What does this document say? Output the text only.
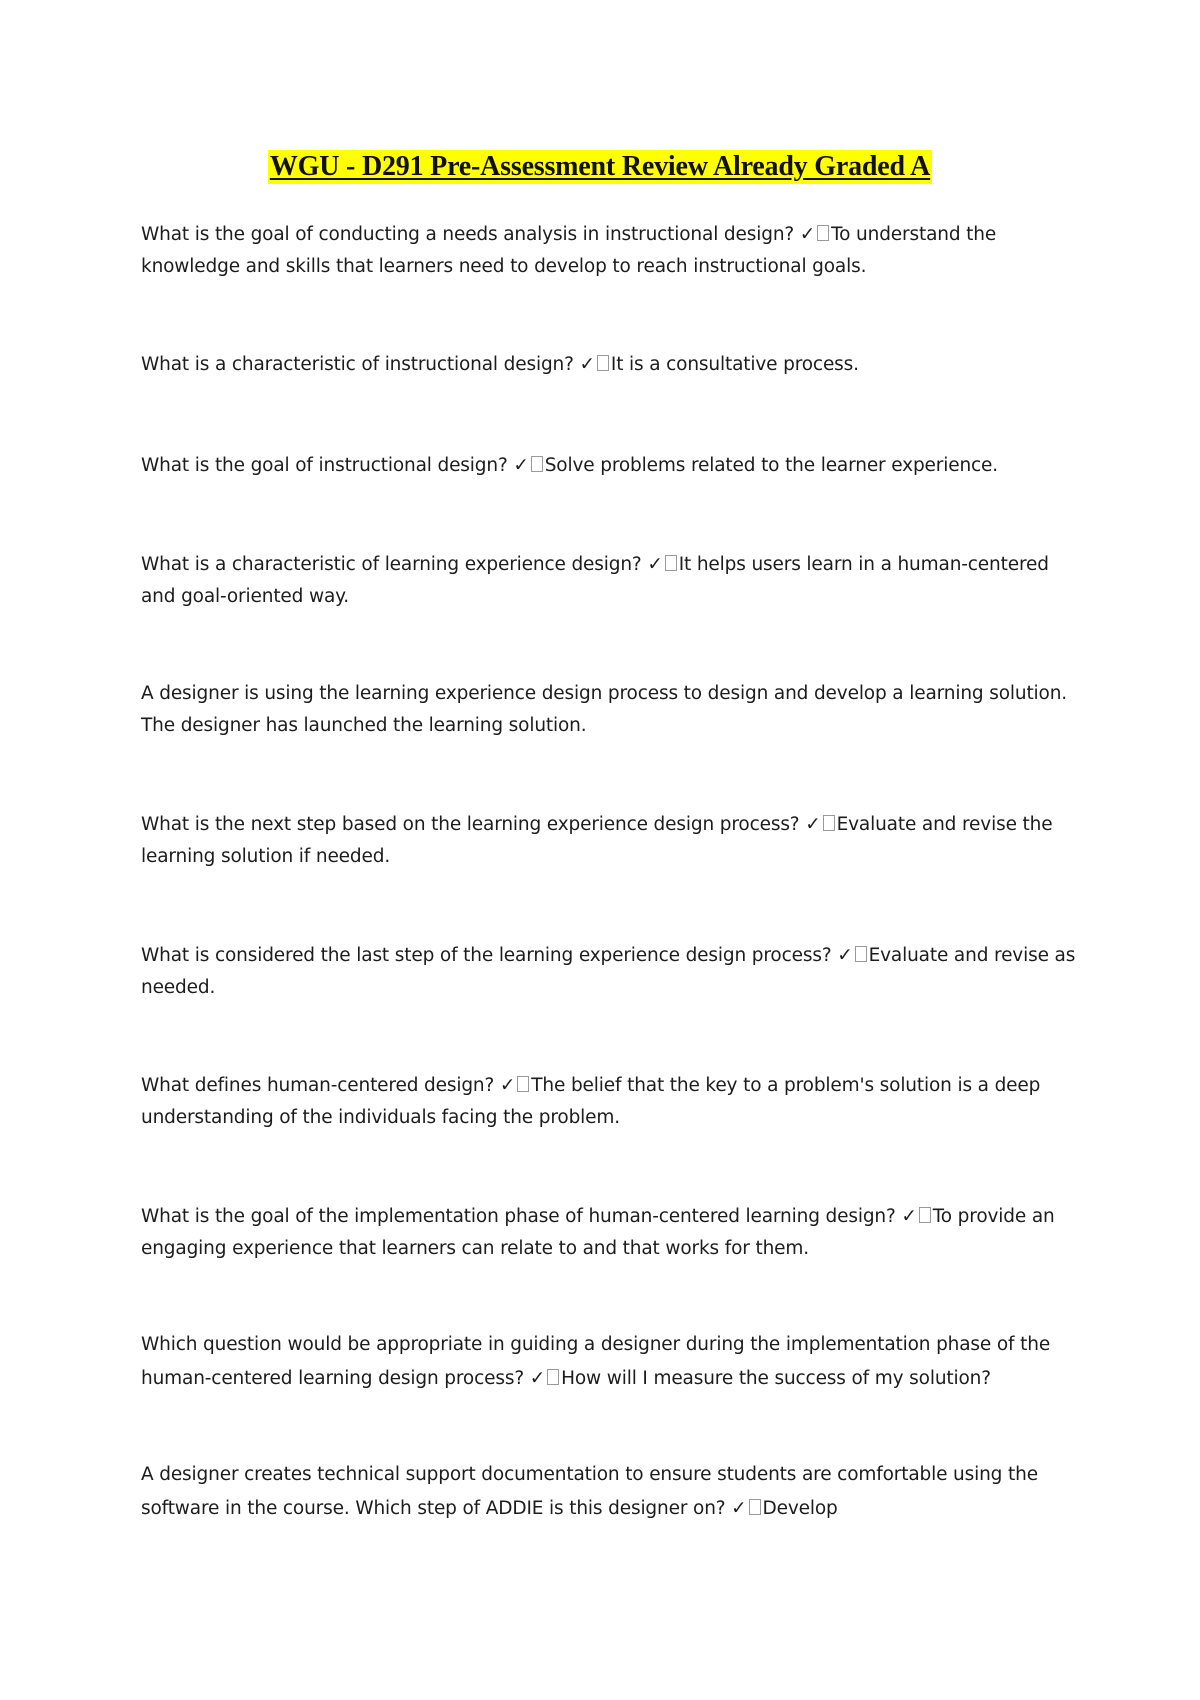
WGU - D291 Pre-Assessment Review Already Graded A
What is the goal of conducting a needs analysis in instructional design? ✓ To understand the knowledge and skills that learners need to develop to reach instructional goals.
What is a characteristic of instructional design? ✓ It is a consultative process.
What is the goal of instructional design? ✓ Solve problems related to the learner experience.
What is a characteristic of learning experience design? ✓ It helps users learn in a human-centered and goal-oriented way.
A designer is using the learning experience design process to design and develop a learning solution. The designer has launched the learning solution.
What is the next step based on the learning experience design process? ✓ Evaluate and revise the learning solution if needed.
What is considered the last step of the learning experience design process? ✓ Evaluate and revise as needed.
What defines human-centered design? ✓ The belief that the key to a problem's solution is a deep understanding of the individuals facing the problem.
What is the goal of the implementation phase of human-centered learning design? ✓ To provide an engaging experience that learners can relate to and that works for them.
Which question would be appropriate in guiding a designer during the implementation phase of the human-centered learning design process? ✓ How will I measure the success of my solution?
A designer creates technical support documentation to ensure students are comfortable using the software in the course. Which step of ADDIE is this designer on? ✓ Develop
